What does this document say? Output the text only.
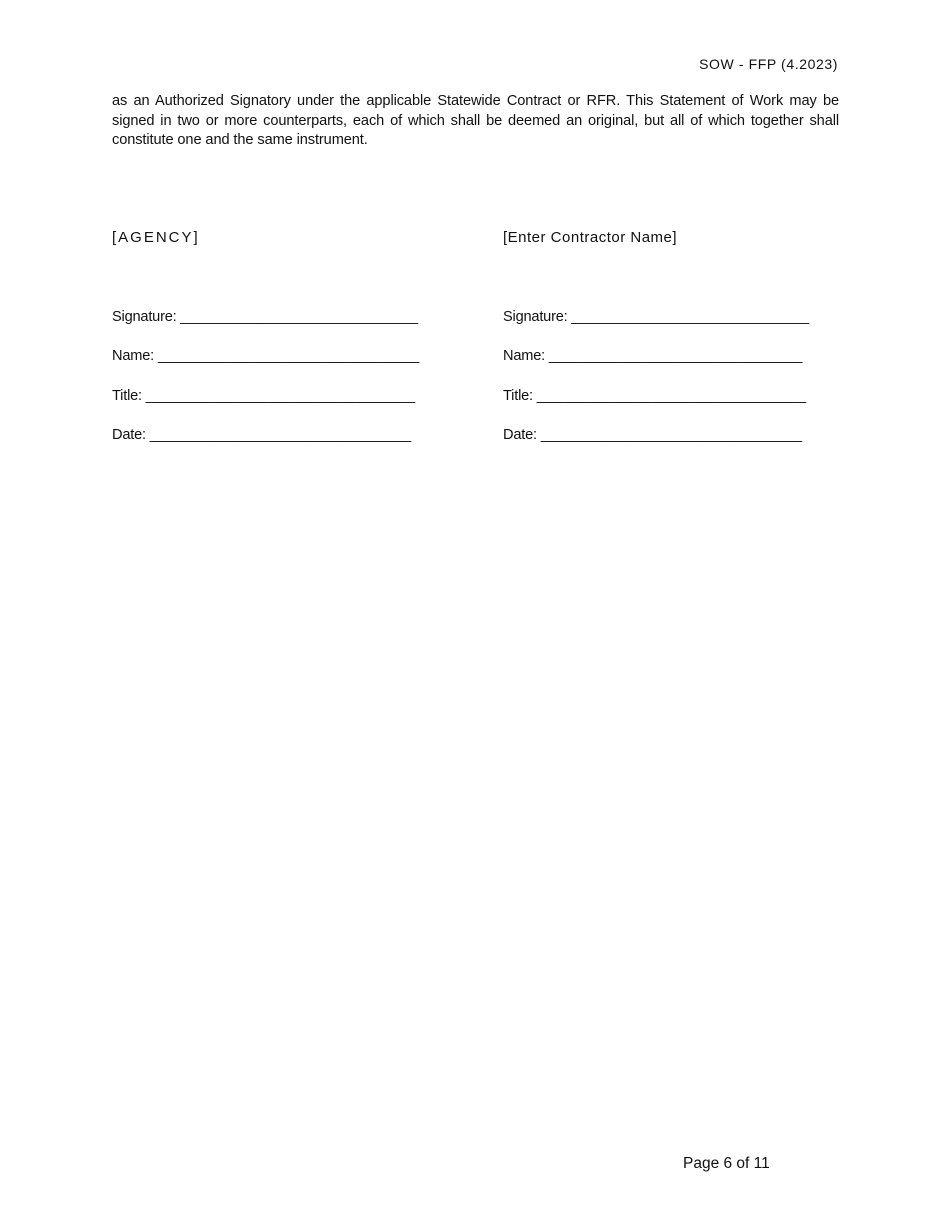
SOW - FFP (4.2023)

as an Authorized Signatory under the applicable Statewide Contract or RFR. This Statement of Work may be signed in two or more counterparts, each of which shall be deemed an original, but all of which together shall constitute one and the same instrument.

[AGENCY]	[Enter Contractor Name]
Signature: ______________________________
Name: _________________________________
Title: __________________________________
Date: _________________________________
Signature: ______________________________
Name: ________________________________
Title: __________________________________
Date: _________________________________
Page 6 of 11
